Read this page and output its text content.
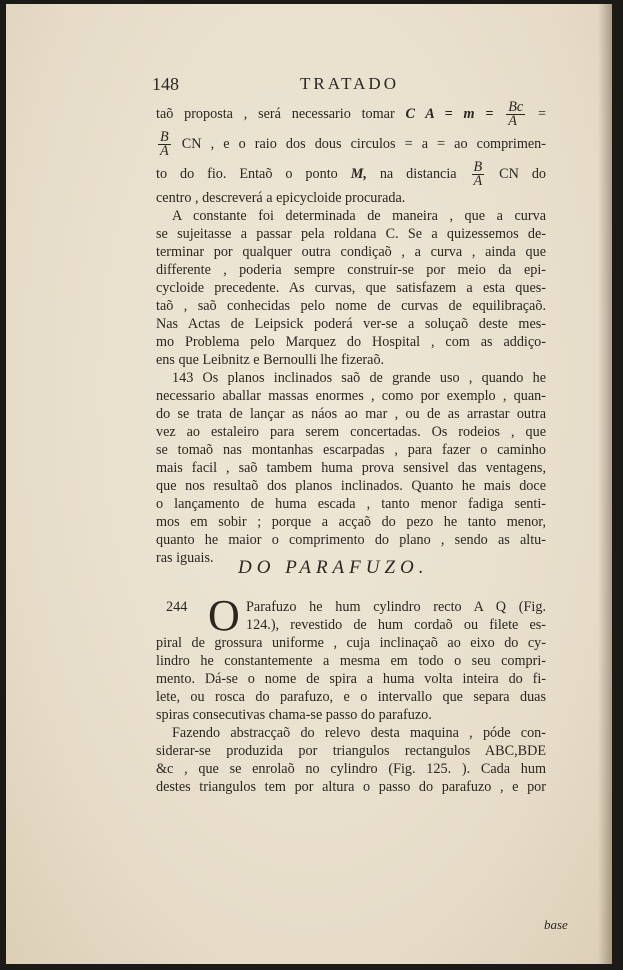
148	TRATADO
taõ proposta , será necessario tomar C $A = m = \frac{Bc}{A}$ =
$\frac{B}{A}$ CN , e o raio dos dous circulos = a = ao comprimen-
to do fio. Entaõ o ponto M, na distancia $\frac{B}{A}$ CN do
centro , descreverá a epicycloide procurada.
A constante foi determinada de maneira , que a curva
se sujeitasse a passar pela roldana C. Se a quizessemos de-
terminar por qualquer outra condiçaõ , a curva , ainda que
differente , poderia sempre construir-se por meio da epi-
cycloide precedente. As curvas, que satisfazem a esta ques-
taõ , saõ conhecidas pelo nome de curvas de equilibraçaõ.
Nas Actas de Leipsick poderá ver-se a soluçaõ deste mes-
mo Problema pelo Marquez do Hospital , com as addiço-
ens que Leibnitz e Bernoulli lhe fizeraõ.
143 Os planos inclinados saõ de grande uso , quando he
necessario aballar massas enormes , como por exemplo , quan-
do se trata de lançar as náos ao mar , ou de as arrastar outra
vez ao estaleiro para serem concertadas. Os rodeios , que
se tomaõ nas montanhas escarpadas , para fazer o caminho
mais facil , saõ tambem huma prova sensivel das ventagens,
que nos resultaõ dos planos inclinados. Quanto he mais doce
o lançamento de huma escada , tanto menor fadiga senti-
mos em sobir ; porque a acçaõ do pezo he tanto menor,
quanto he maior o comprimento do plano , sendo as altu-
ras iguais.	DO PARAFUZO.
244 O Parafuzo he hum cylindro recto A Q (Fig.
124.), revestido de hum cordaõ ou filete es-
piral de grossura uniforme , cuja inclinaçaõ ao eixo do cy-
lindro he constantemente a mesma em todo o seu compri-
mento. Dá-se o nome de spira a huma volta inteira do fi-
lete, ou rosca do parafuzo, e o intervallo que separa duas
spiras consecutivas chama-se passo do parafuzo.
Fazendo abstracçaõ do relevo desta maquina , póde con-
siderar-se produzida por triangulos rectangulos ABC,BDE
&c , que se enrolaõ no cylindro (Fig. 125. ). Cada hum
destes triangulos tem por altura o passo do parafuzo , e por
base
